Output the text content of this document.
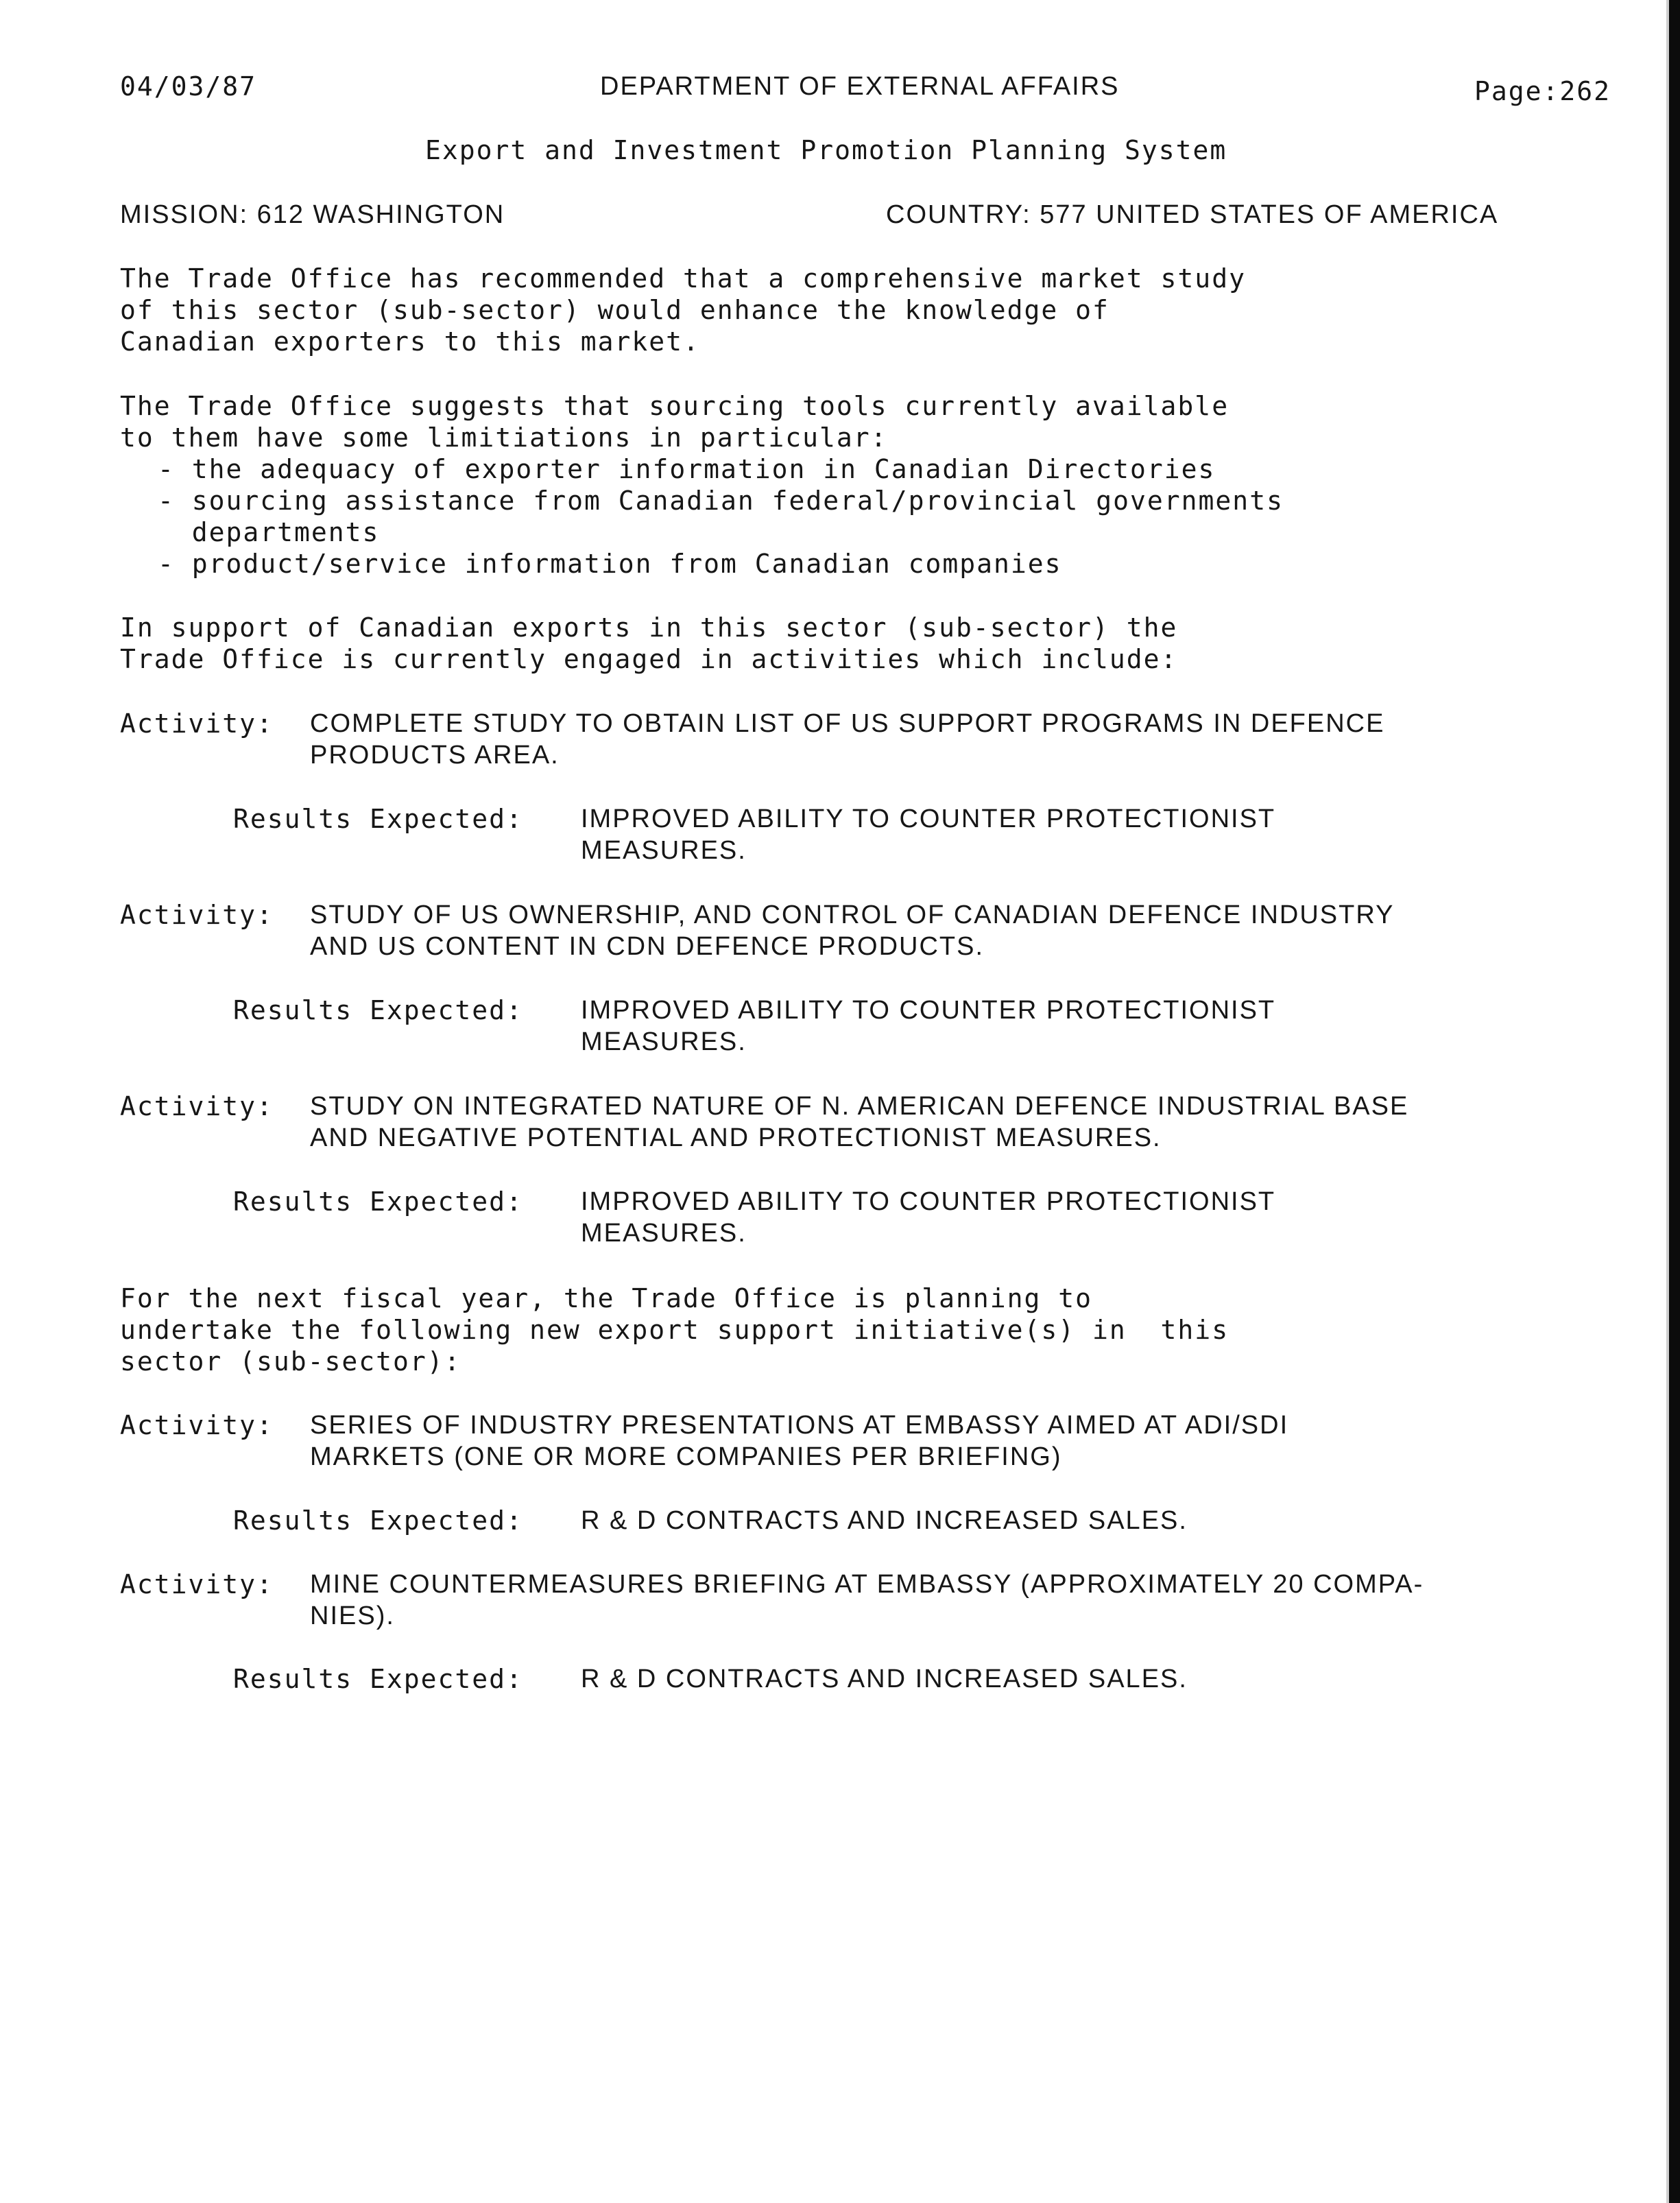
04/03/87	DEPARTMENT OF EXTERNAL AFFAIRS	Page:262
Export and Investment Promotion Planning System
MISSION: 612 WASHINGTON	COUNTRY: 577 UNITED STATES OF AMERICA
The Trade Office has recommended that a comprehensive market study
of this sector (sub-sector) would enhance the knowledge of
Canadian exporters to this market.
The Trade Office suggests that sourcing tools currently available
to them have some limitiations in particular:
- the adequacy of exporter information in Canadian Directories
- sourcing assistance from Canadian federal/provincial governments
departments
- product/service information from Canadian companies
In support of Canadian exports in this sector (sub-sector) the
Trade Office is currently engaged in activities which include:
Activity: COMPLETE STUDY TO OBTAIN LIST OF US SUPPORT PROGRAMS IN DEFENCE
PRODUCTS AREA.
Results Expected: IMPROVED ABILITY TO COUNTER PROTECTIONIST
MEASURES.
Activity: STUDY OF US OWNERSHIP, AND CONTROL OF CANADIAN DEFENCE INDUSTRY
AND US CONTENT IN CDN DEFENCE PRODUCTS.
Results Expected: IMPROVED ABILITY TO COUNTER PROTECTIONIST
MEASURES.
Activity: STUDY ON INTEGRATED NATURE OF N. AMERICAN DEFENCE INDUSTRIAL BASE
AND NEGATIVE POTENTIAL AND PROTECTIONIST MEASURES.
Results Expected: IMPROVED ABILITY TO COUNTER PROTECTIONIST
MEASURES.
For the next fiscal year, the Trade Office is planning to
undertake the following new export support initiative(s) in  this
sector (sub-sector):
Activity: SERIES OF INDUSTRY PRESENTATIONS AT EMBASSY AIMED AT ADI/SDI
MARKETS (ONE OR MORE COMPANIES PER BRIEFING)
Results Expected: R & D CONTRACTS AND INCREASED SALES.
Activity: MINE COUNTERMEASURES BRIEFING AT EMBASSY (APPROXIMATELY 20 COMPA-
NIES).
Results Expected: R & D CONTRACTS AND INCREASED SALES.
